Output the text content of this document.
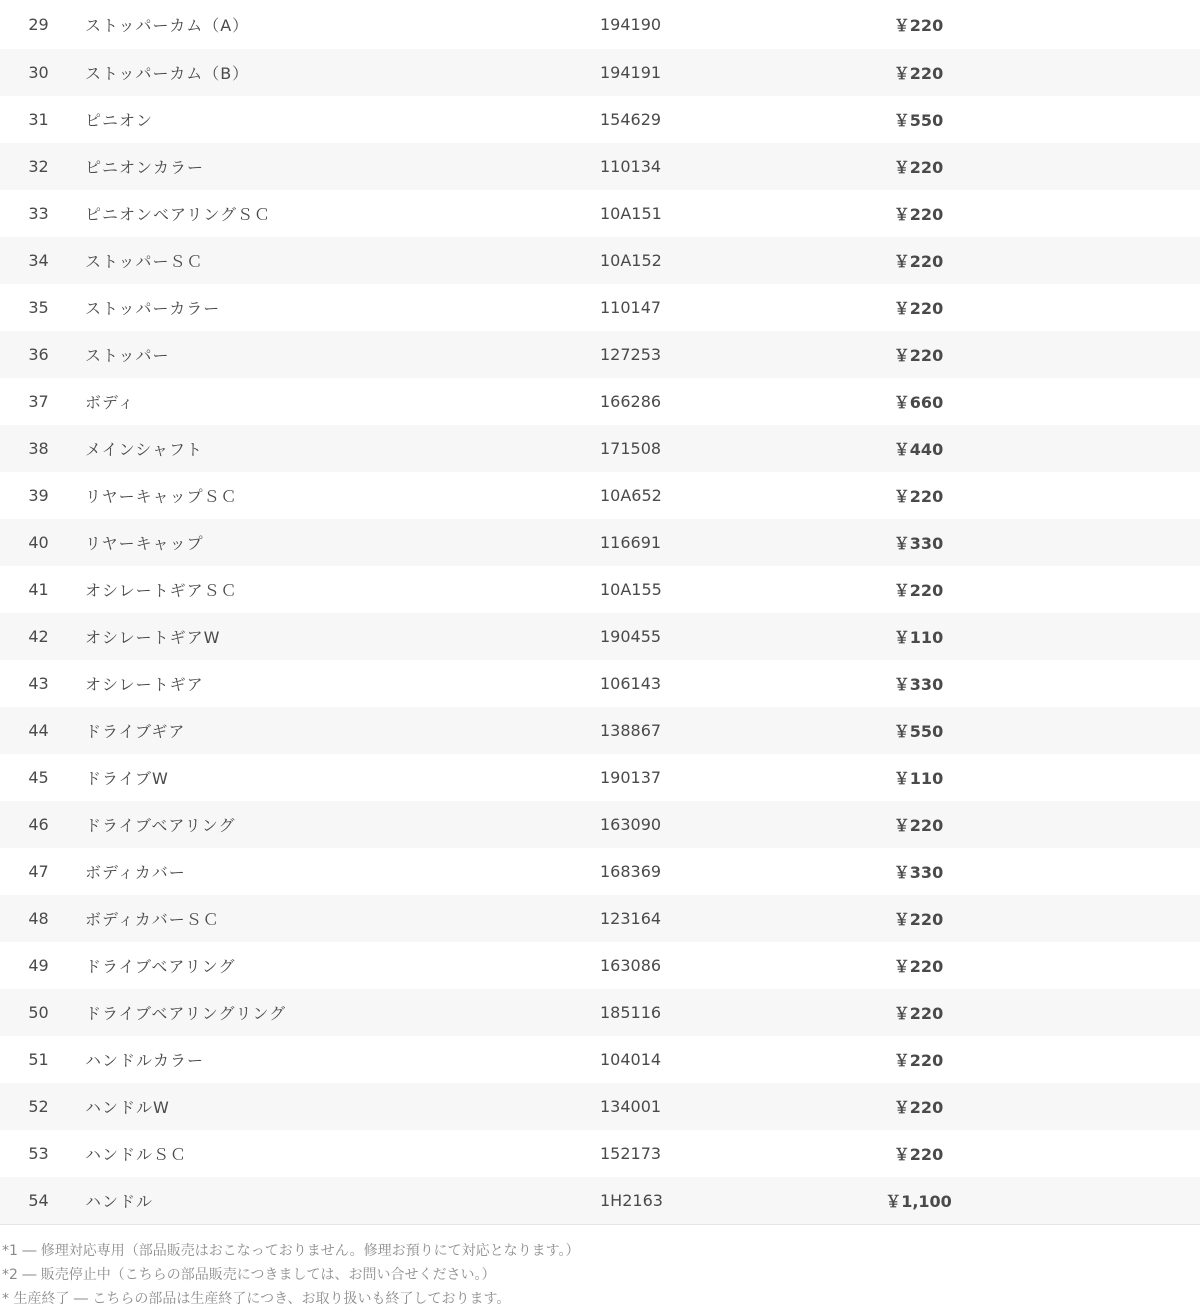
29	ストッパーカム（A）	194190	￥220	
30	ストッパーカム（B）	194191	￥220	
31	ピニオン	154629	￥550	
32	ピニオンカラー	110134	￥220	
33	ピニオンベアリングＳＣ	10A151	￥220	
34	ストッパーＳＣ	10A152	￥220	
35	ストッパーカラー	110147	￥220	
36	ストッパー	127253	￥220	
37	ボディ	166286	￥660	
38	メインシャフト	171508	￥440	
39	リヤーキャップＳＣ	10A652	￥220	
40	リヤーキャップ	116691	￥330	
41	オシレートギアＳＣ	10A155	￥220	
42	オシレートギアW	190455	￥110	
43	オシレートギア	106143	￥330	
44	ドライブギア	138867	￥550	
45	ドライブW	190137	￥110	
46	ドライブベアリング	163090	￥220	
47	ボディカバー	168369	￥330	
48	ボディカバーＳＣ	123164	￥220	
49	ドライブベアリング	163086	￥220	
50	ドライブベアリングリング	185116	￥220	
51	ハンドルカラー	104014	￥220	
52	ハンドルW	134001	￥220	
53	ハンドルＳＣ	152173	￥220	
54	ハンドル	1H2163	￥1,100	
*1 ― 修理対応専用（部品販売はおこなっておりません。修理お預りにて対応となります。）
*2 ― 販売停止中（こちらの部品販売につきましては、お問い合せください。）
* 生産終了 ― こちらの部品は生産終了につき、お取り扱いも終了しております。
